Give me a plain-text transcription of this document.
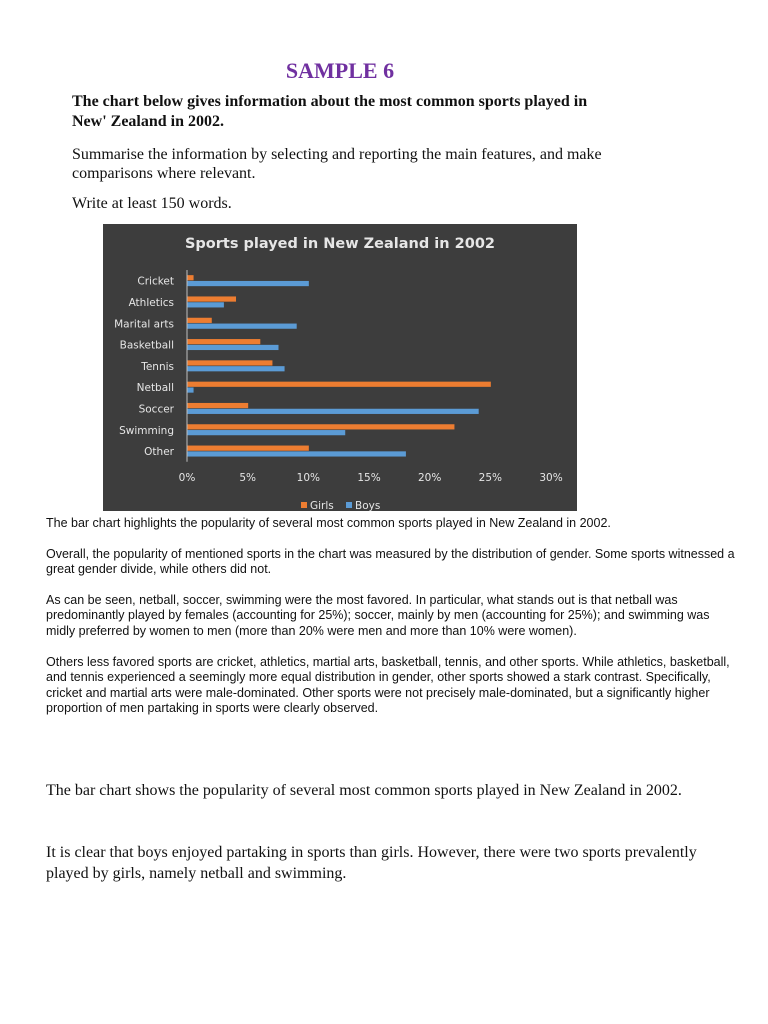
SAMPLE 6
The chart below gives information about the most common sports played in New' Zealand in 2002.
Summarise the information by selecting and reporting the main features, and make comparisons where relevant.
Write at least 150 words.
Sports played in New Zealand in 2002
Cricket
Athletics
Marital arts
Basketball
Tennis
Netball
Soccer
Swimming
Other
0%	5%	10%	15%	20%	25%	30%
Girls Boys

The bar chart highlights the popularity of several most common sports played in New Zealand in 2002.

Overall, the popularity of mentioned sports in the chart was measured by the distribution of gender. Some sports witnessed a great gender divide, while others did not.

As can be seen, netball, soccer, swimming were the most favored. In particular, what stands out is that netball was predominantly played by females (accounting for 25%); soccer, mainly by men (accounting for 25%); and swimming was midly preferred by women to men (more than 20% were men and more than 10% were women).

Others less favored sports are cricket, athletics, martial arts, basketball, tennis, and other sports. While athletics, basketball, and tennis experienced a seemingly more equal distribution in gender, other sports showed a stark contrast. Specifically, cricket and martial arts were male-dominated. Other sports were not precisely male-dominated, but a significantly higher proportion of men partaking in sports were clearly observed.

The bar chart shows the popularity of several most common sports played in New Zealand in 2002.

It is clear that boys enjoyed partaking in sports than girls. However, there were two sports prevalently played by girls, namely netball and swimming.
